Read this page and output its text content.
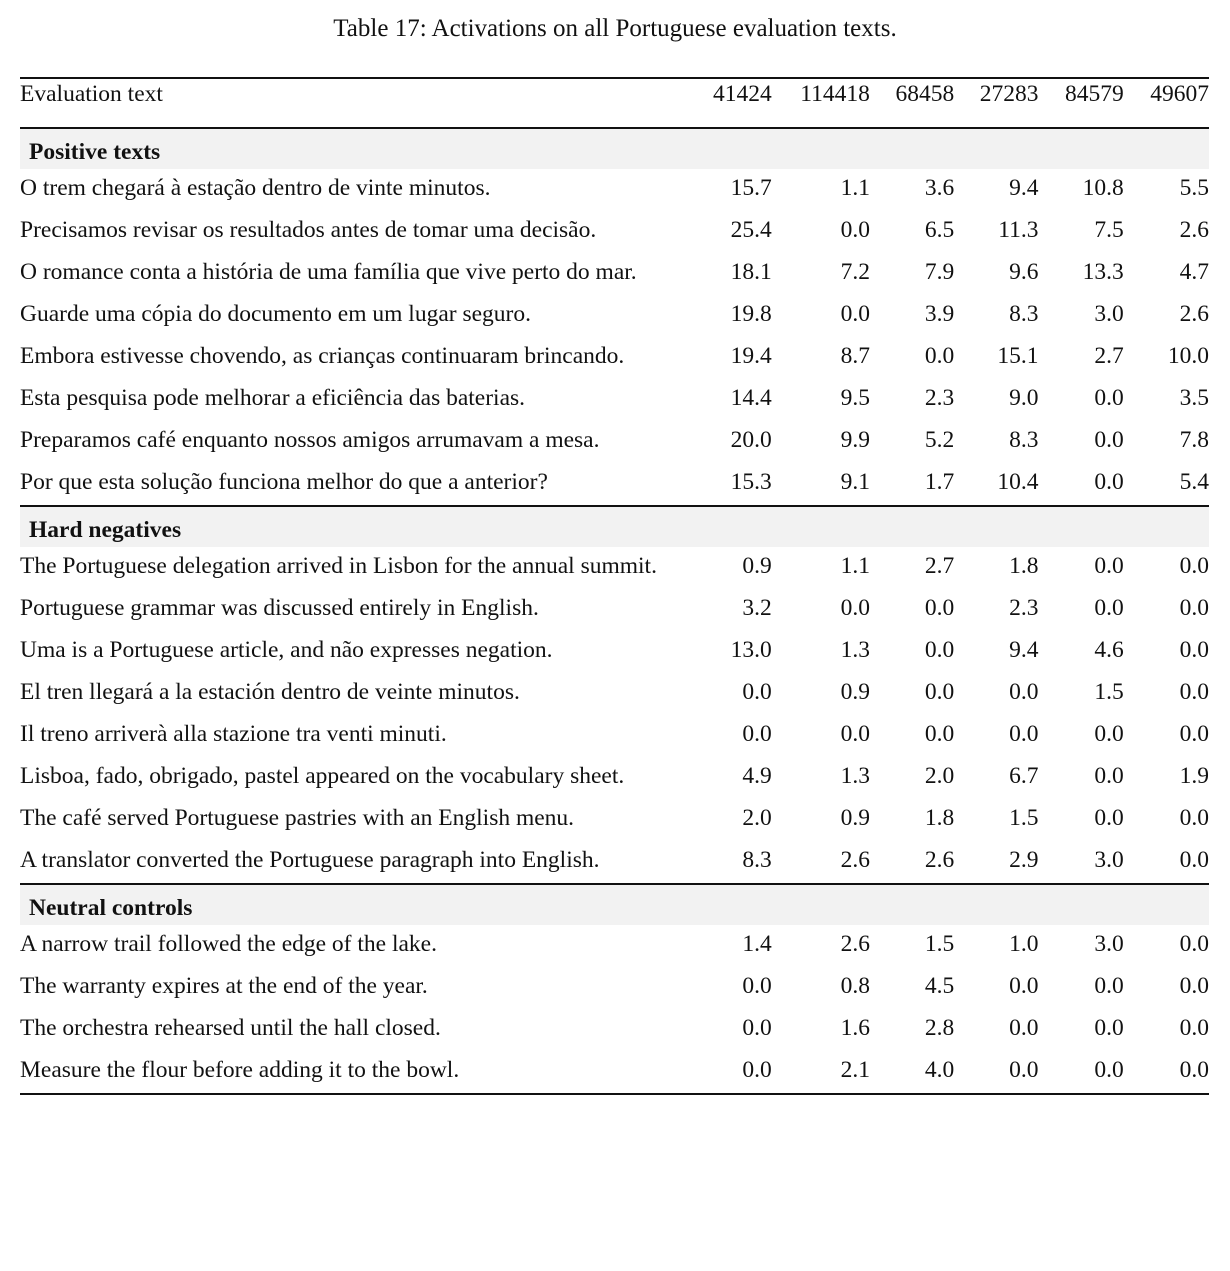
Table 17: Activations on all Portuguese evaluation texts.
Evaluation text	41424	114418	68458	27283	84579	49607
Positive texts						
O trem chegará à estação dentro de vinte minutos.	15.7	1.1	3.6	9.4	10.8	5.5
Precisamos revisar os resultados antes de tomar uma decisão.	25.4	0.0	6.5	11.3	7.5	2.6
O romance conta a história de uma família que vive perto do mar.	18.1	7.2	7.9	9.6	13.3	4.7
Guarde uma cópia do documento em um lugar seguro.	19.8	0.0	3.9	8.3	3.0	2.6
Embora estivesse chovendo, as crianças continuaram brincando.	19.4	8.7	0.0	15.1	2.7	10.0
Esta pesquisa pode melhorar a eficiência das baterias.	14.4	9.5	2.3	9.0	0.0	3.5
Preparamos café enquanto nossos amigos arrumavam a mesa.	20.0	9.9	5.2	8.3	0.0	7.8
Por que esta solução funciona melhor do que a anterior?	15.3	9.1	1.7	10.4	0.0	5.4
Hard negatives						
The Portuguese delegation arrived in Lisbon for the annual summit.	0.9	1.1	2.7	1.8	0.0	0.0
Portuguese grammar was discussed entirely in English.	3.2	0.0	0.0	2.3	0.0	0.0
Uma is a Portuguese article, and não expresses negation.	13.0	1.3	0.0	9.4	4.6	0.0
El tren llegará a la estación dentro de veinte minutos.	0.0	0.9	0.0	0.0	1.5	0.0
Il treno arriverà alla stazione tra venti minuti.	0.0	0.0	0.0	0.0	0.0	0.0
Lisboa, fado, obrigado, pastel appeared on the vocabulary sheet.	4.9	1.3	2.0	6.7	0.0	1.9
The café served Portuguese pastries with an English menu.	2.0	0.9	1.8	1.5	0.0	0.0
A translator converted the Portuguese paragraph into English.	8.3	2.6	2.6	2.9	3.0	0.0
Neutral controls						
A narrow trail followed the edge of the lake.	1.4	2.6	1.5	1.0	3.0	0.0
The warranty expires at the end of the year.	0.0	0.8	4.5	0.0	0.0	0.0
The orchestra rehearsed until the hall closed.	0.0	1.6	2.8	0.0	0.0	0.0
Measure the flour before adding it to the bowl.	0.0	2.1	4.0	0.0	0.0	0.0
